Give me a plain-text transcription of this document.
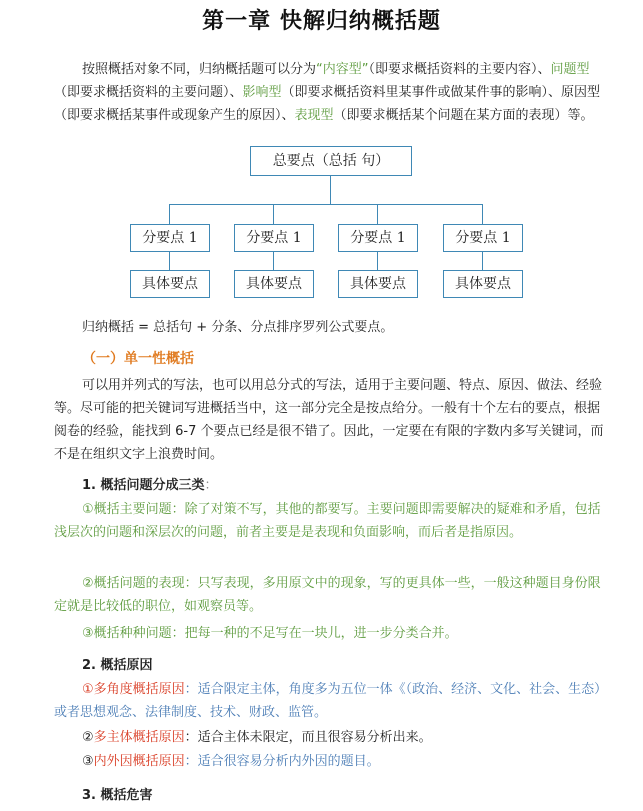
第一章 快解归纳概括题
按照概括对象不同，归纳概括题可以分为“内容型”（即要求概括资料的主要内容）、问题型（即要求概括资料的主要问题）、影响型（即要求概括资料里某事件或做某件事的影响）、原因型（即要求概括某事件或现象产生的原因）、表现型（即要求概括某个问题在某方面的表现）等。
总要点（总括 句）
分要点 1	分要点 1	分要点 1	分要点 1
具体要点	具体要点	具体要点	具体要点
归纳概括 = 总括句 + 分条、分点排序罗列公式要点。
（一）单一性概括
可以用并列式的写法，也可以用总分式的写法，适用于主要问题、特点、原因、做法、经验等。尽可能的把关键词写进概括当中，这一部分完全是按点给分。一般有十个左右的要点，根据阅卷的经验，能找到 6-7 个要点已经是很不错了。因此，一定要在有限的字数内多写关键词，而不是在组织文字上浪费时间。
1. 概括问题分成三类：
①概括主要问题：除了对策不写，其他的都要写。主要问题即需要解决的疑难和矛盾，包括浅层次的问题和深层次的问题，前者主要是是表现和负面影响，而后者是指原因。
②概括问题的表现：只写表现，多用原文中的现象，写的更具体一些，一般这种题目身份限定就是比较低的职位，如观察员等。
③概括种种问题：把每一种的不足写在一块儿，进一步分类合并。
2. 概括原因
①多角度概括原因：适合限定主体，角度多为五位一体《（政治、经济、文化、社会、生态）或者思想观念、法律制度、技术、财政、监管。
②多主体概括原因：适合主体未限定，而且很容易分析出来。
③内外因概括原因：适合很容易分析内外因的题目。
3. 概括危害
